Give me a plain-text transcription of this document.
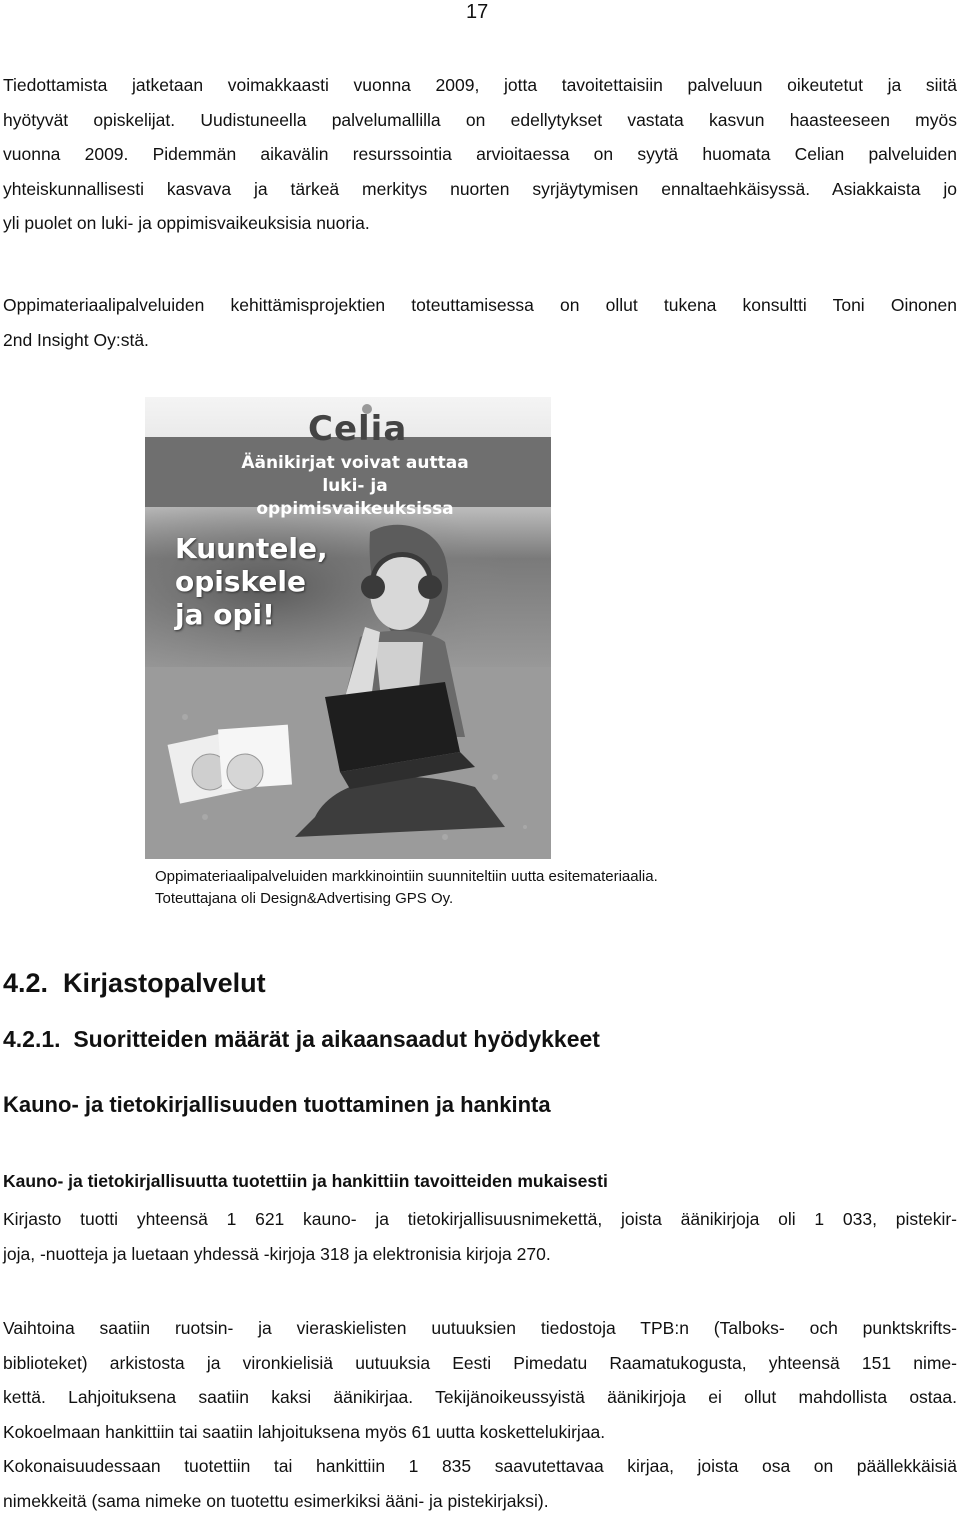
17

Tiedottamista jatketaan voimakkaasti vuonna 2009, jotta tavoitettaisiin palveluun oikeutetut ja siitä
hyötyvät opiskelijat. Uudistuneella palvelumallilla on edellytykset vastata kasvun haasteeseen myös
vuonna 2009. Pidemmän aikavälin resurssointia arvioitaessa on syytä huomata Celian palveluiden
yhteiskunnallisesti kasvava ja tärkeä merkitys nuorten syrjäytymisen ennaltaehkäisyssä. Asiakkaista jo
yli puolet on luki- ja oppimisvaikeuksisia nuoria.

Oppimateriaalipalveluiden kehittämisprojektien toteuttamisessa on ollut tukena konsultti Toni Oinonen
2nd Insight Oy:stä.

Celia
Äänikirjat voivat auttaa luki- ja oppimisvaikeuksissa
Kuuntele,
opiskele
ja opi!
Oppimateriaalipalveluiden markkinointiin suunniteltiin uutta esitemateriaalia.
Toteuttajana oli Design&Advertising GPS Oy.
4.2.  Kirjastopalvelut
4.2.1.  Suoritteiden määrät ja aikaansaadut hyödykkeet
Kauno- ja tietokirjallisuuden tuottaminen ja hankinta
Kauno- ja tietokirjallisuutta tuotettiin ja hankittiin tavoitteiden mukaisesti

Kirjasto tuotti yhteensä 1 621 kauno- ja tietokirjallisuusnimekettä, joista äänikirjoja oli 1 033, pistekir-
joja, -nuotteja ja luetaan yhdessä -kirjoja 318 ja elektronisia kirjoja 270.

Vaihtoina saatiin ruotsin- ja vieraskielisten uutuuksien tiedostoja TPB:n (Talboks- och punktskrifts-
biblioteket) arkistosta ja vironkielisiä uutuuksia Eesti Pimedatu Raamatukogusta, yhteensä 151 nime-
kettä. Lahjoituksena saatiin kaksi äänikirjaa. Tekijänoikeussyistä äänikirjoja ei ollut mahdollista ostaa.
Kokoelmaan hankittiin tai saatiin lahjoituksena myös 61 uutta koskettelukirjaa.
Kokonaisuudessaan tuotettiin tai hankittiin 1 835 saavutettavaa kirjaa, joista osa on päällekkäisiä
nimekkeitä (sama nimeke on tuotettu esimerkiksi ääni- ja pistekirjaksi).
